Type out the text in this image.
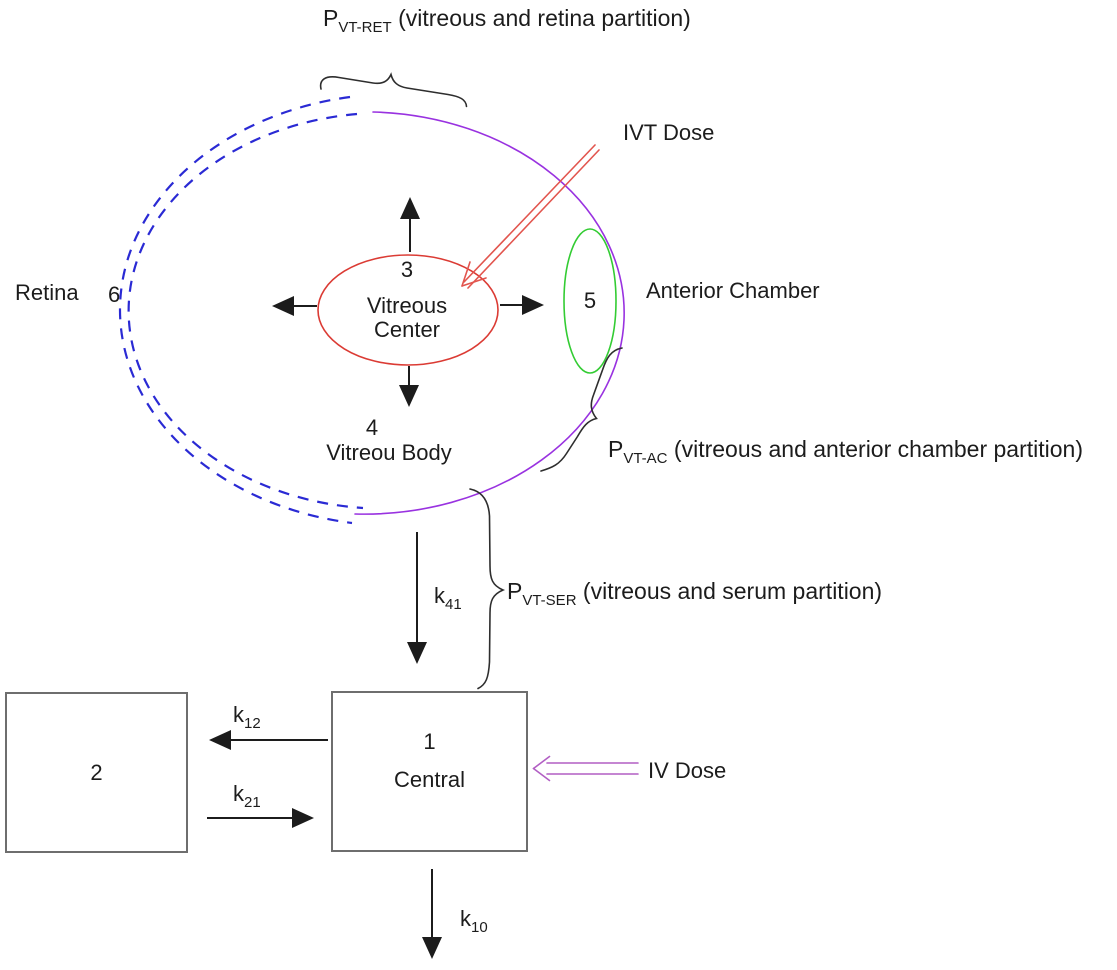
$P_{VT-RET}$ (vitreous and retina partition)
IVT Dose
Retina 6
3
Vitreous
Center
4
Vitreou Body
5 Anterior Chamber
$P_{VT-AC}$ (vitreous and anterior chamber partition)
$P_{VT-SER}$ (vitreous and serum partition)
$k_{41}$
$k_{12}$
$k_{21}$
$k_{10}$
2
1
Central	IV Dose
